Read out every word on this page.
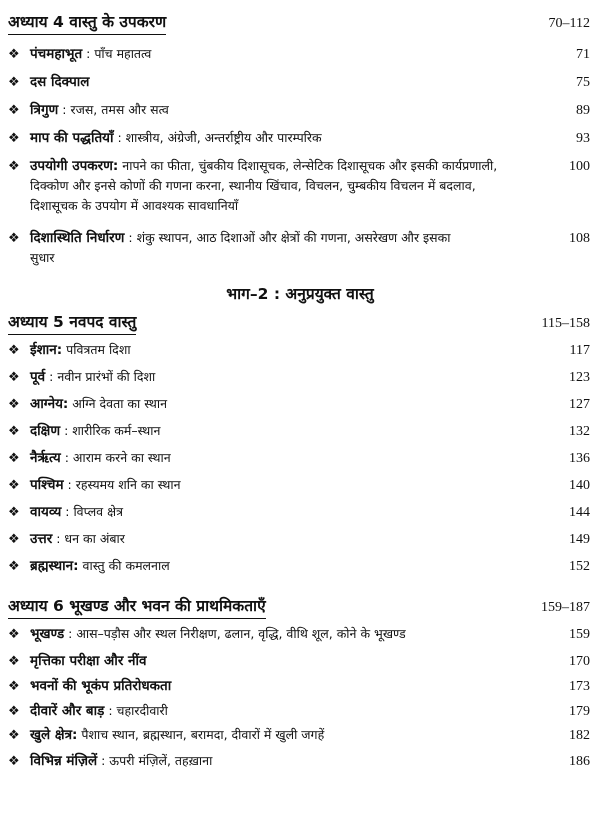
अध्याय 4 वास्तु के उपकरण	70–112
❖ पंचमहाभूत : पाँच महातत्व	71
❖ दस दिक्पाल	75
❖ त्रिगुण : रजस, तमस और सत्व	89
❖ माप की पद्धतियाँ : शास्त्रीय, अंग्रेजी, अन्तर्राष्ट्रीय और पारम्परिक	93
❖ उपयोगी उपकरण: नापने का फीता, चुंबकीय दिशासूचक, लेन्सेटिक दिशासूचक और इसकी कार्यप्रणाली,	100
दिक्कोण और इनसे कोणों की गणना करना, स्थानीय खिंचाव, विचलन, चुम्बकीय विचलन में बदलाव,
दिशासूचक के उपयोग में आवश्यक सावधानियाँ
❖ दिशास्थिति निर्धारण : शंकु स्थापन, आठ दिशाओं और क्षेत्रों की गणना, असरेखण और इसका	108
सुधार
भाग–2 : अनुप्रयुक्त वास्तु
अध्याय 5 नवपद वास्तु	115–158
❖ ईशान: पवित्रतम दिशा	117
❖ पूर्व : नवीन प्रारंभों की दिशा	123
❖ आग्नेय: अग्नि देवता का स्थान	127
❖ दक्षिण : शारीरिक कर्म–स्थान	132
❖ नैर्ऋत्य : आराम करने का स्थान	136
❖ पश्चिम : रहस्यमय शनि का स्थान	140
❖ वायव्य : विप्लव क्षेत्र	144
❖ उत्तर : धन का अंबार	149
❖ ब्रह्मस्थान: वास्तु की कमलनाल	152
अध्याय 6 भूखण्ड और भवन की प्राथमिकताएँ	159–187
❖ भूखण्ड : आस–पड़ौस और स्थल निरीक्षण, ढलान, वृद्धि, वीथि शूल, कोने के भूखण्ड	159
❖ मृत्तिका परीक्षा और नींव	170
❖ भवनों की भूकंप प्रतिरोधकता	173
❖ दीवारें और बाड़ : चहारदीवारी	179
❖ खुले क्षेत्र: पैशाच स्थान, ब्रह्मस्थान, बरामदा, दीवारों में खुली जगहें	182
❖ विभिन्न मंज़िलें : ऊपरी मंज़िलें, तहख़ाना	186
